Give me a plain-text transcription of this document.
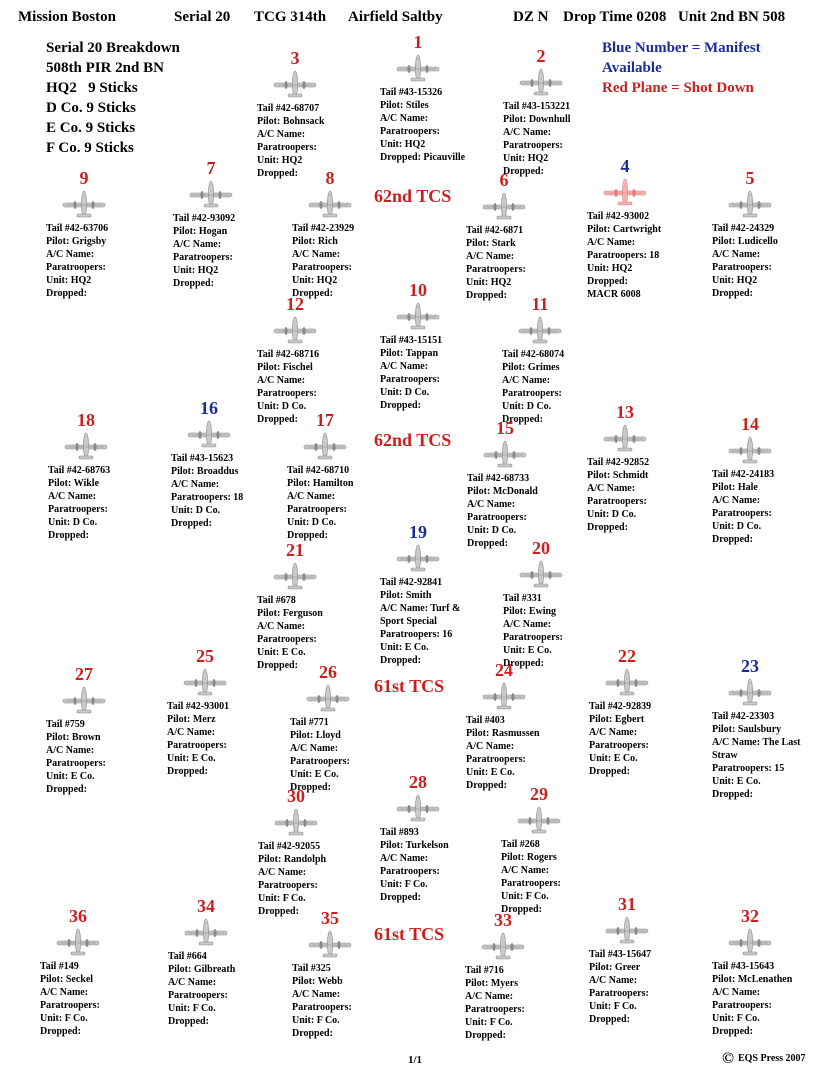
Mission Boston	Serial 20 TCG 314th Airfield Saltby	DZ N Drop Time 0208 Unit 2nd BN 508
Serial 20 Breakdown
508th PIR 2nd BN
HQ2   9 Sticks
D Co. 9 Sticks
E Co. 9 Sticks
F Co. 9 Sticks
Blue Number = Manifest
Available
Red Plane = Shot Down
62nd TCS
62nd TCS
61st TCS
61st TCS
1
Tail #43-15326
Pilot: Stiles
A/C Name:
Paratroopers:
Unit: HQ2
Dropped: Picauville
2
Tail #43-153221
Pilot: Downhull
A/C Name:
Paratroopers:
Unit: HQ2
Dropped:
3
Tail #42-68707
Pilot: Bohnsack
A/C Name:
Paratroopers:
Unit: HQ2
Dropped:	4
Tail #42-93002
Pilot: Cartwright
A/C Name:
Paratroopers: 18
Unit: HQ2
Dropped:
MACR 6008
5
Tail #42-24329
Pilot: Ludicello
A/C Name:
Paratroopers:
Unit: HQ2
Dropped:
6
Tail #42-6871
Pilot: Stark
A/C Name:
Paratroopers:
Unit: HQ2
Dropped:
7
Tail #42-93092
Pilot: Hogan
A/C Name:
Paratroopers:
Unit: HQ2
Dropped:
8
Tail #42-23929
Pilot: Rich
A/C Name:
Paratroopers:
Unit: HQ2
Dropped:
9
Tail #42-63706
Pilot: Grigsby
A/C Name:
Paratroopers:
Unit: HQ2
Dropped:	10
Tail #43-15151
Pilot: Tappan
A/C Name:
Paratroopers:
Unit: D Co.
Dropped:
11
Tail #42-68074
Pilot: Grimes
A/C Name:
Paratroopers:
Unit: D Co.
Dropped:
12
Tail #42-68716
Pilot: Fischel
A/C Name:
Paratroopers:
Unit: D Co.
Dropped:	13
Tail #42-92852
Pilot: Schmidt
A/C Name:
Paratroopers:
Unit: D Co.
Dropped:
14
Tail #42-24183
Pilot: Hale
A/C Name:
Paratroopers:
Unit: D Co.
Dropped:
15
Tail #42-68733
Pilot: McDonald
A/C Name:
Paratroopers:
Unit: D Co.
Dropped:
16
Tail #43-15623
Pilot: Broaddus
A/C Name:
Paratroopers: 18
Unit: D Co.
Dropped:
17
Tail #42-68710
Pilot: Hamilton
A/C Name:
Paratroopers:
Unit: D Co.
Dropped:
18
Tail #42-68763
Pilot: Wikle
A/C Name:
Paratroopers:
Unit: D Co.
Dropped:	19
Tail #42-92841
Pilot: Smith
A/C Name: Turf &
Sport Special
Paratroopers: 16
Unit: E Co.
Dropped:
20
Tail #331
Pilot: Ewing
A/C Name:
Paratroopers:
Unit: E Co.
Dropped:
21
Tail #678
Pilot: Ferguson
A/C Name:
Paratroopers:
Unit: E Co.
Dropped:	22
Tail #42-92839
Pilot: Egbert
A/C Name:
Paratroopers:
Unit: E Co.
Dropped:
23
Tail #42-23303
Pilot: Saulsbury
A/C Name: The Last
Straw
Paratroopers: 15
Unit: E Co.
Dropped:
24
Tail #403
Pilot: Rasmussen
A/C Name:
Paratroopers:
Unit: E Co.
Dropped:
25
Tail #42-93001
Pilot: Merz
A/C Name:
Paratroopers:
Unit: E Co.
Dropped:
26
Tail #771
Pilot: Lloyd
A/C Name:
Paratroopers:
Unit: E Co.
Dropped:
27
Tail #759
Pilot: Brown
A/C Name:
Paratroopers:
Unit: E Co.
Dropped:	28
Tail #893
Pilot: Turkelson
A/C Name:
Paratroopers:
Unit: F Co.
Dropped:
29
Tail #268
Pilot: Rogers
A/C Name:
Paratroopers:
Unit: F Co.
Dropped:
30
Tail #42-92055
Pilot: Randolph
A/C Name:
Paratroopers:
Unit: F Co.
Dropped:	31
Tail #43-15647
Pilot: Greer
A/C Name:
Paratroopers:
Unit: F Co.
Dropped:
32
Tail #43-15643
Pilot: McLenathen
A/C Name:
Paratroopers:
Unit: F Co.
Dropped:
33
Tail #716
Pilot: Myers
A/C Name:
Paratroopers:
Unit: F Co.
Dropped:
34
Tail #664
Pilot: Gilbreath
A/C Name:
Paratroopers:
Unit: F Co.
Dropped:
35
Tail #325
Pilot: Webb
A/C Name:
Paratroopers:
Unit: F Co.
Dropped:
36
Tail #149
Pilot: Seckel
A/C Name:
Paratroopers:
Unit: F Co.
Dropped:
1/1	© EQS Press 2007
